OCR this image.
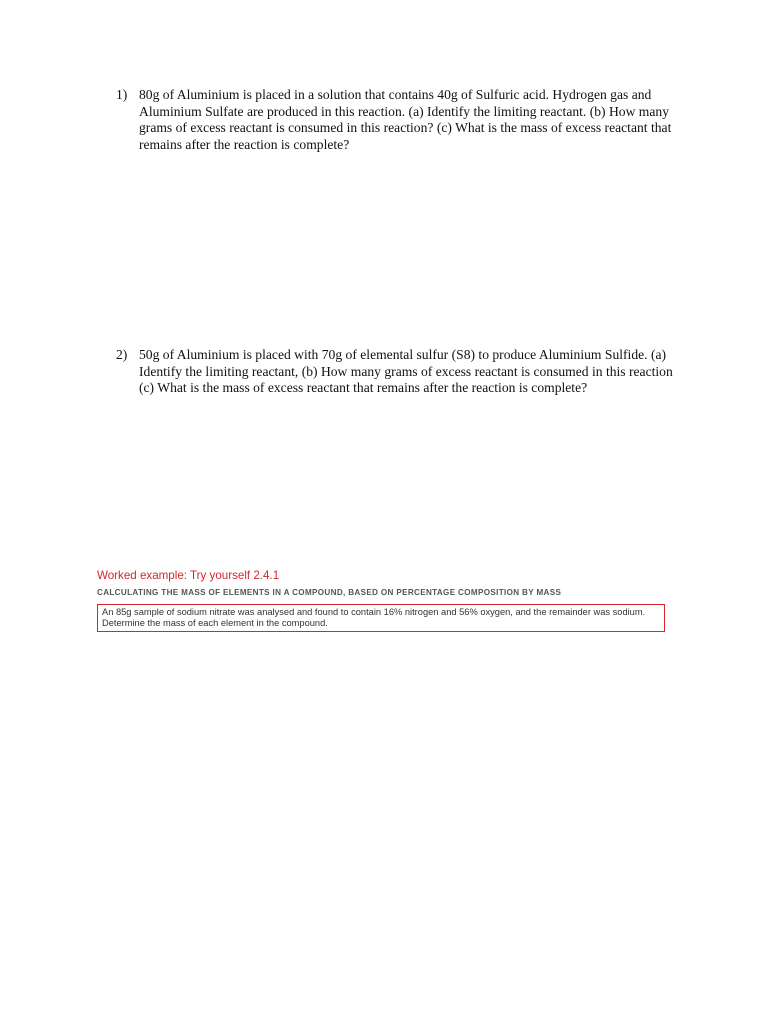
1) 80g of Aluminium is placed in a solution that contains 40g of Sulfuric acid. Hydrogen gas and Aluminium Sulfate are produced in this reaction. (a) Identify the limiting reactant. (b) How many grams of excess reactant is consumed in this reaction? (c) What is the mass of excess reactant that remains after the reaction is complete?
2) 50g of Aluminium is placed with 70g of elemental sulfur (S8) to produce Aluminium Sulfide. (a) Identify the limiting reactant, (b) How many grams of excess reactant is consumed in this reaction (c) What is the mass of excess reactant that remains after the reaction is complete?
Worked example: Try yourself 2.4.1
CALCULATING THE MASS OF ELEMENTS IN A COMPOUND, BASED ON PERCENTAGE COMPOSITION BY MASS
An 85g sample of sodium nitrate was analysed and found to contain 16% nitrogen and 56% oxygen, and the remainder was sodium. Determine the mass of each element in the compound.
